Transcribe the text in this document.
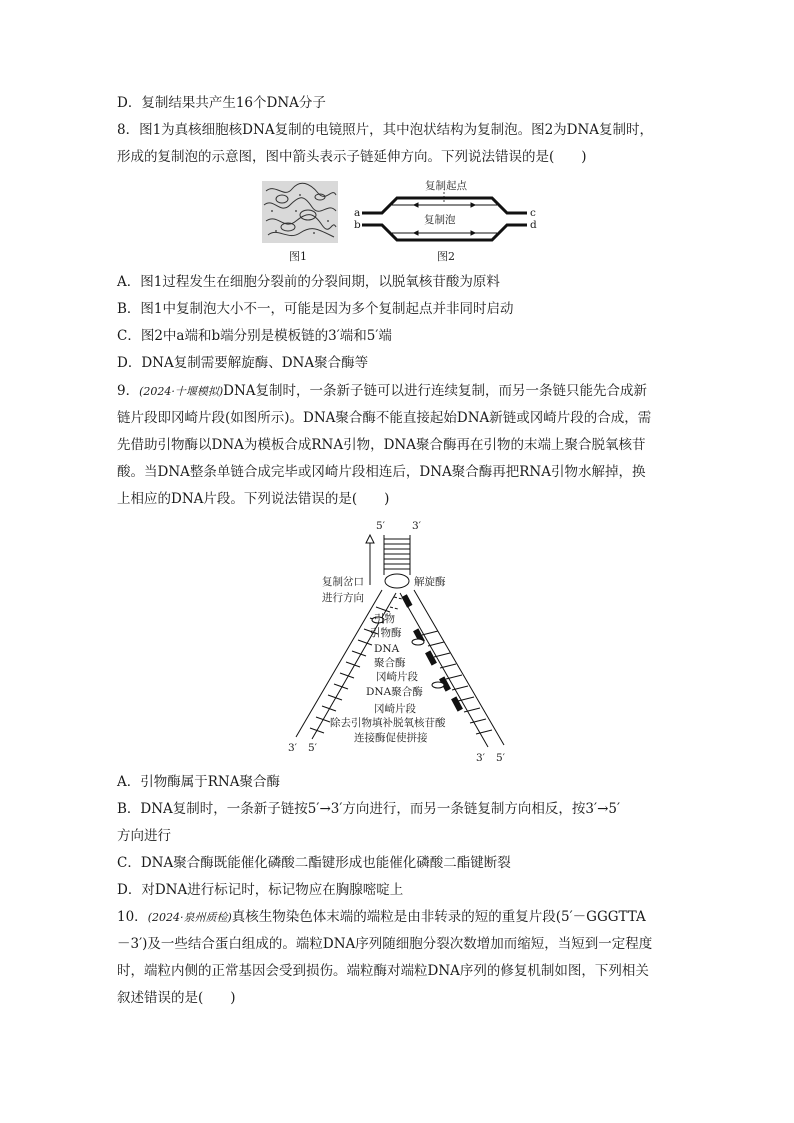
D．复制结果共产生16个DNA分子
8．图1为真核细胞核DNA复制的电镜照片，其中泡状结构为复制泡。图2为DNA复制时，
形成的复制泡的示意图，图中箭头表示子链延伸方向。下列说法错误的是(　　)
图1
复制起点
复制泡
a
b
c
d
图2
A．图1过程发生在细胞分裂前的分裂间期，以脱氧核苷酸为原料
B．图1中复制泡大小不一，可能是因为多个复制起点并非同时启动
C．图2中a端和b端分别是模板链的3′端和5′端
D．DNA复制需要解旋酶、DNA聚合酶等
9．(2024·十堰模拟)DNA复制时，一条新子链可以进行连续复制，而另一条链只能先合成新
链片段即冈崎片段(如图所示)。DNA聚合酶不能直接起始DNA新链或冈崎片段的合成，需
先借助引物酶以DNA为模板合成RNA引物，DNA聚合酶再在引物的末端上聚合脱氧核苷
酸。当DNA整条单链合成完毕或冈崎片段相连后，DNA聚合酶再把RNA引物水解掉，换
上相应的DNA片段。下列说法错误的是(　　)
5′	3′
复制岔口
进行方向
解旋酶
引物
引物酶
DNA
聚合酶
冈崎片段
DNA聚合酶
冈崎片段
除去引物填补脱氧核苷酸
连接酶促使拼接
3′ 5′
3′ 5′
A．引物酶属于RNA聚合酶
B．DNA复制时，一条新子链按5′→3′方向进行，而另一条链复制方向相反，按3′→5′
方向进行
C．DNA聚合酶既能催化磷酸二酯键形成也能催化磷酸二酯键断裂
D．对DNA进行标记时，标记物应在胸腺嘧啶上
10．(2024·泉州质检)真核生物染色体末端的端粒是由非转录的短的重复片段(5′－GGGTTA
－3′)及一些结合蛋白组成的。端粒DNA序列随细胞分裂次数增加而缩短，当短到一定程度
时，端粒内侧的正常基因会受到损伤。端粒酶对端粒DNA序列的修复机制如图，下列相关
叙述错误的是(　　)
